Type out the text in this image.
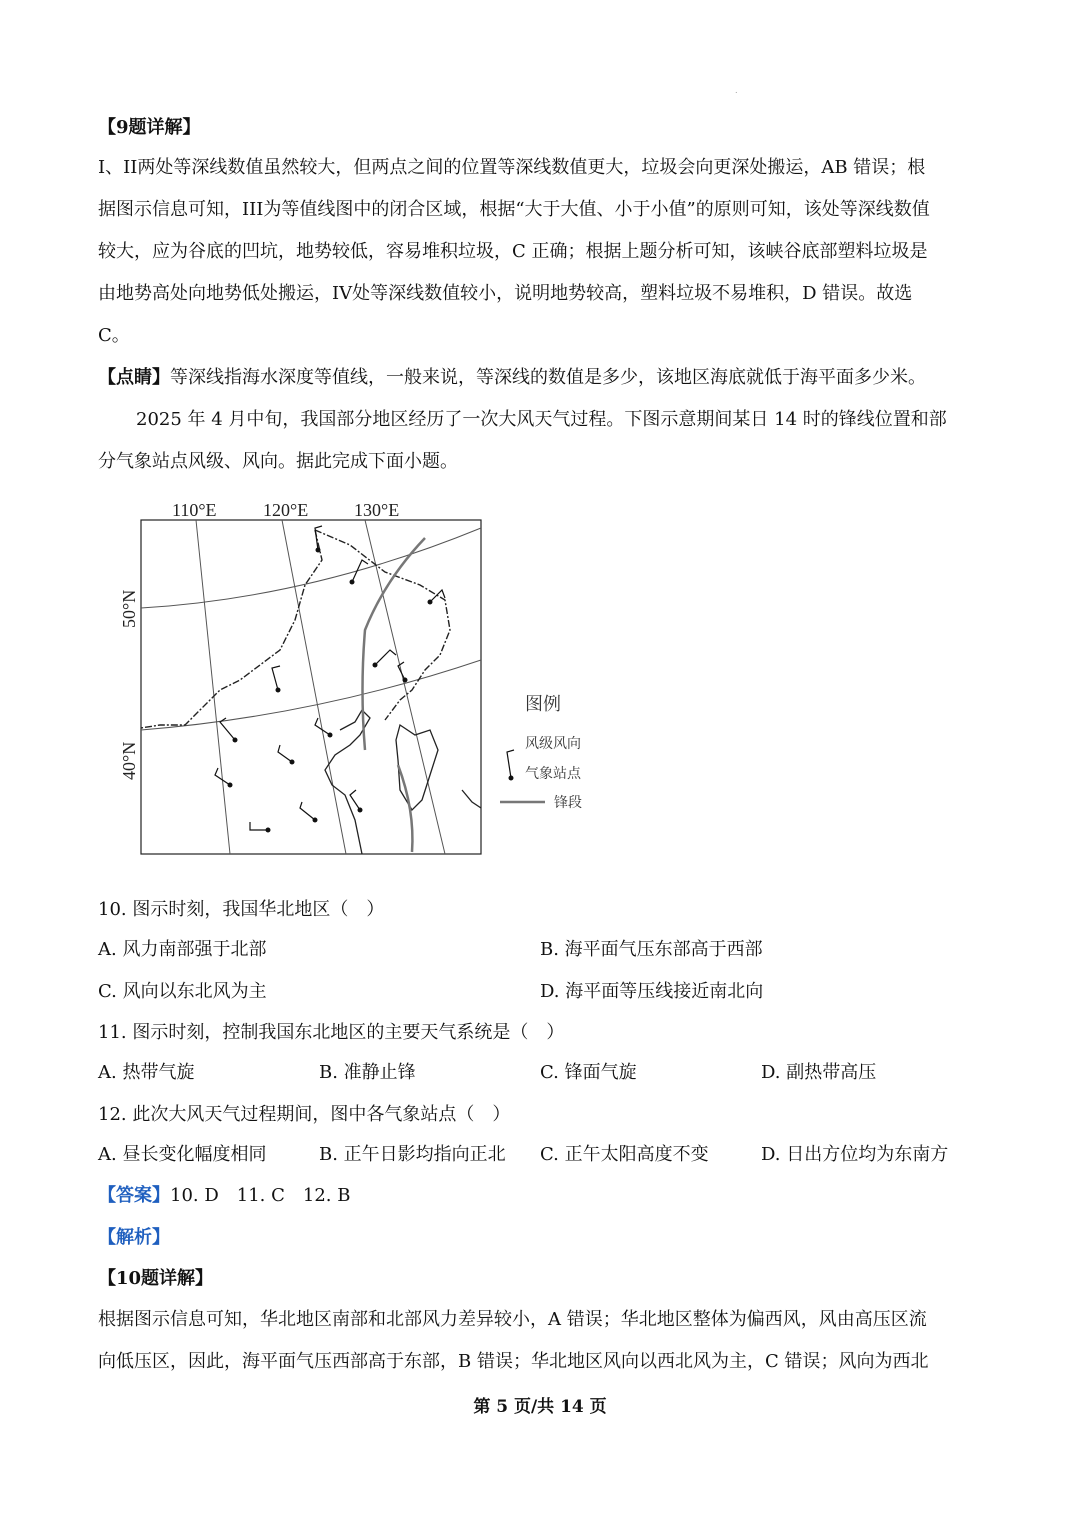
.
【9题详解】
I、II两处等深线数值虽然较大，但两点之间的位置等深线数值更大，垃圾会向更深处搬运，AB 错误；根
据图示信息可知，III为等值线图中的闭合区域，根据“大于大值、小于小值”的原则可知，该处等深线数值
较大，应为谷底的凹坑，地势较低，容易堆积垃圾，C 正确；根据上题分析可知，该峡谷底部塑料垃圾是
由地势高处向地势低处搬运，IV处等深线数值较小，说明地势较高，塑料垃圾不易堆积，D 错误。故选
C。
【点睛】等深线指海水深度等值线，一般来说，等深线的数值是多少，该地区海底就低于海平面多少米。
2025 年 4 月中旬，我国部分地区经历了一次大风天气过程。下图示意期间某日 14 时的锋线位置和部
分气象站点风级、风向。据此完成下面小题。
110°E	120°E	130°E
50°N
40°N
图例
风级风向
气象站点
锋段
10. 图示时刻，我国华北地区（　）
A. 风力南部强于北部	B. 海平面气压东部高于西部
C. 风向以东北风为主	D. 海平面等压线接近南北向
11. 图示时刻，控制我国东北地区的主要天气系统是（　）
A. 热带气旋	B. 准静止锋	C. 锋面气旋	D. 副热带高压
12. 此次大风天气过程期间，图中各气象站点（　）
A. 昼长变化幅度相同	B. 正午日影均指向正北 C. 正午太阳高度不变	D. 日出方位均为东南方
【答案】10. D　11. C　12. B
【解析】
【10题详解】
根据图示信息可知，华北地区南部和北部风力差异较小，A 错误；华北地区整体为偏西风，风由高压区流
向低压区，因此，海平面气压西部高于东部，B 错误；华北地区风向以西北风为主，C 错误；风向为西北
第 5 页/共 14 页
